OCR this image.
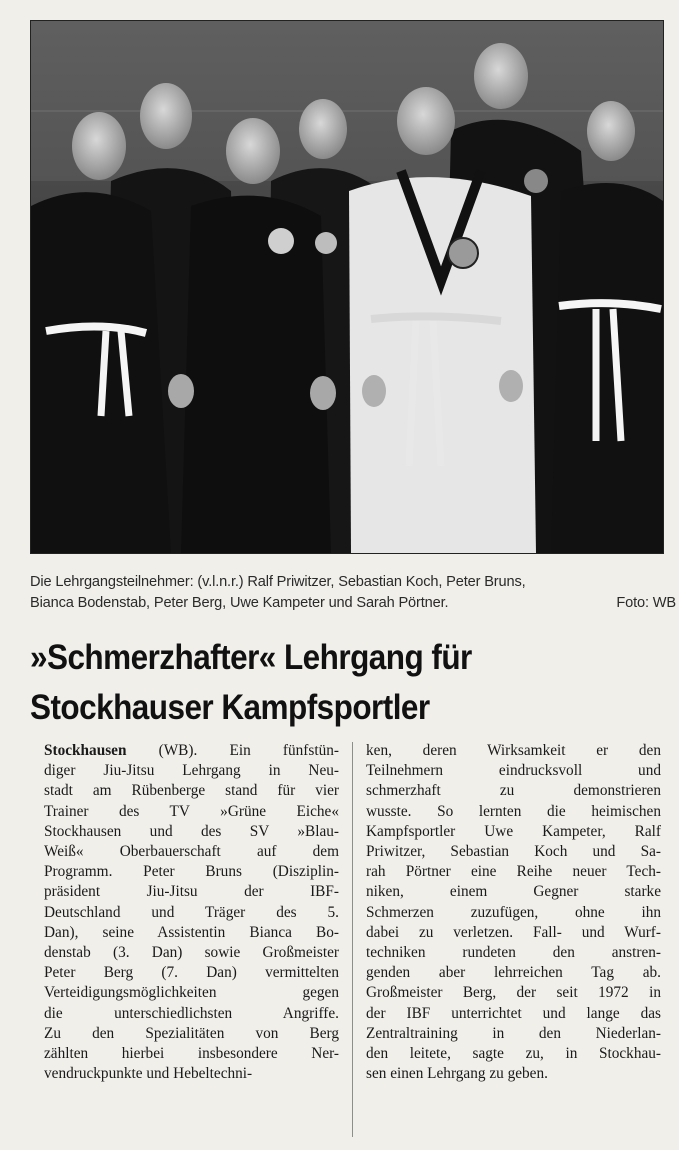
Die Lehrgangsteilnehmer: (v.l.n.r.) Ralf Priwitzer, Sebastian Koch, Peter Bruns,
Bianca Bodenstab, Peter Berg, Uwe Kampeter und Sarah Pörtner.	Foto: WB
»Schmerzhafter« Lehrgang für
Stockhauser Kampfsportler
Stockhausen (WB). Ein fünfstün-
diger Jiu-Jitsu Lehrgang in Neu-
stadt am Rübenberge stand für vier
Trainer des TV »Grüne Eiche«
Stockhausen und des SV »Blau-
Weiß« Oberbauerschaft auf dem
Programm. Peter Bruns (Disziplin-
präsident Jiu-Jitsu der IBF-
Deutschland und Träger des 5.
Dan), seine Assistentin Bianca Bo-
denstab (3. Dan) sowie Großmeister
Peter Berg (7. Dan) vermittelten
Verteidigungsmöglichkeiten gegen
die unterschiedlichsten Angriffe.
Zu den Spezialitäten von Berg
zählten hierbei insbesondere Ner-
vendruckpunkte und Hebeltechni-
ken, deren Wirksamkeit er den
Teilnehmern eindrucksvoll und
schmerzhaft zu demonstrieren
wusste. So lernten die heimischen
Kampfsportler Uwe Kampeter, Ralf
Priwitzer, Sebastian Koch und Sa-
rah Pörtner eine Reihe neuer Tech-
niken, einem Gegner starke
Schmerzen zuzufügen, ohne ihn
dabei zu verletzen. Fall- und Wurf-
techniken rundeten den anstren-
genden aber lehrreichen Tag ab.
Großmeister Berg, der seit 1972 in
der IBF unterrichtet und lange das
Zentraltraining in den Niederlan-
den leitete, sagte zu, in Stockhau-
sen einen Lehrgang zu geben.
